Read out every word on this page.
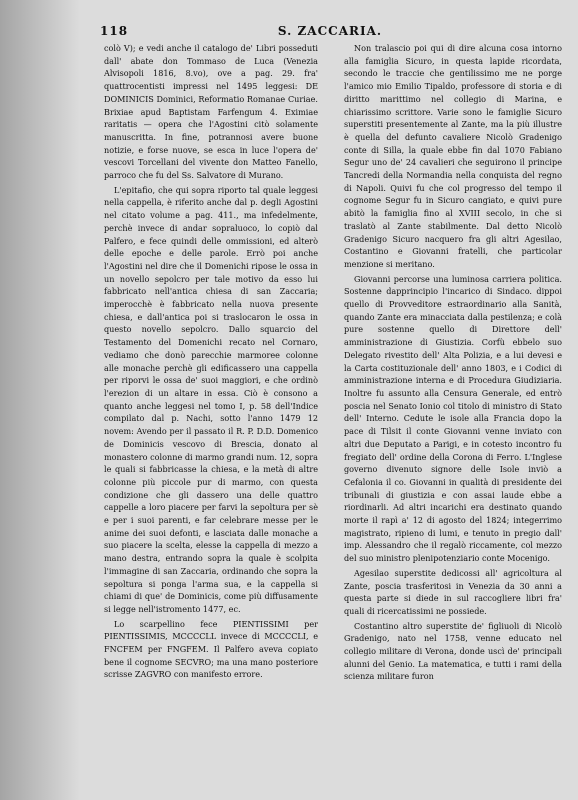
118	S. ZACCARIA.

colò V); e vedi anche il catalogo de' Libri posseduti dall' abate don Tommaso de Luca (Venezia Alvisopoli 1816, 8.vo), ove a pag. 29. fra' quattrocentisti impressi nel 1495 leggesi: DE DOMINICIS Dominici, Reformatio Romanae Curiae. Brixiae apud Baptistam Farfengum 4. Eximiae raritatis — opera che l'Agostini citò solamente manuscritta. In fine, potrannosi avere buone notizie, e forse nuove, se esca in luce l'opera de' vescovi Torcellani del vivente don Matteo Fanello, parroco che fu del Ss. Salvatore di Murano.

L'epitafio, che qui sopra riporto tal quale leggesi nella cappella, è riferito anche dal p. degli Agostini nel citato volume a pag. 411., ma infedelmente, perchè invece di andar sopraluoco, lo copiò dal Palfero, e fece quindi delle ommissioni, ed alterò delle epoche e delle parole. Errò poi anche l'Agostini nel dire che il Domenichi ripose le ossa in un novello sepolcro per tale motivo da esso lui fabbricato nell'antica chiesa di san Zaccaria; imperocchè è fabbricato nella nuova presente chiesa, e dall'antica poi si traslocaron le ossa in questo novello sepolcro. Dallo squarcio del Testamento del Domenichi recato nel Cornaro, vediamo che donò parecchie marmoree colonne alle monache perchè gli edificassero una cappella per riporvi le ossa de' suoi maggiori, e che ordinò l'erezion di un altare in essa. Ciò è consono a quanto anche leggesi nel tomo I, p. 58 dell'Indice compilato dal p. Nachi, sotto l'anno 1479 12 novem: Avendo per il passato il R. P. D.D. Domenico de Dominicis vescovo di Brescia, donato al monastero colonne di marmo grandi num. 12, sopra le quali si fabbricasse la chiesa, e la metà di altre colonne più piccole pur di marmo, con questa condizione che gli dassero una delle quattro cappelle a loro piacere per farvi la sepoltura per sè e per i suoi parenti, e far celebrare messe per le anime dei suoi defonti, e lasciata dalle monache a suo piacere la scelta, elesse la cappella di mezzo a mano destra, entrando sopra la quale è scolpita l'immagine di san Zaccaria, ordinando che sopra la sepoltura si ponga l'arma sua, e la cappella si chiami di que' de Dominicis, come più diffusamente si legge nell'istromento 1477, ec.

Lo scarpellino fece PIENTISSIMI per PIENTISSIMIS, MCCCCLL invece di MCCCCLI, e FNCFEM per FNGFEM. Il Palfero aveva copiato bene il cognome SECVRO; ma una mano posteriore scrisse ZAGVRO con manifesto errore.

Non tralascio poi qui di dire alcuna cosa intorno alla famiglia Sicuro, in questa lapide ricordata, secondo le traccie che gentilissimo me ne porge l'amico mio Emilio Tipaldo, professore di storia e di diritto marittimo nel collegio di Marina, e chiarissimo scrittore. Varie sono le famiglie Sicuro superstiti presentemente al Zante, ma la più illustre è quella del defunto cavaliere Nicolò Gradenigo conte di Silla, la quale ebbe fin dal 1070 Fabiano Segur uno de' 24 cavalieri che seguirono il principe Tancredi della Normandia nella conquista del regno di Napoli. Quivi fu che col progresso del tempo il cognome Segur fu in Sicuro cangiato, e quivi pure abitò la famiglia fino al XVIII secolo, in che si traslatò al Zante stabilmente. Dal detto Nicolò Gradenigo Sicuro nacquero fra gli altri Agesilao, Costantino e Giovanni fratelli, che particolar menzione si meritano.

Giovanni percorse una luminosa carriera politica. Sostenne dapprincipio l'incarico di Sindaco. dippoi quello di Provveditore estraordinario alla Sanità, quando Zante era minacciata dalla pestilenza; e colà pure sostenne quello di Direttore dell' amministrazione di Giustizia. Corfù ebbelo suo Delegato rivestito dell' Alta Polizia, e a lui devesi e la Carta costituzionale dell' anno 1803, e i Codici di amministrazione interna e di Procedura Giudiziaria. Inoltre fu assunto alla Censura Generale, ed entrò poscia nel Senato Ionio col titolo di ministro di Stato dell' Interno. Cedute le isole alla Francia dopo la pace di Tilsit il conte Giovanni venne inviato con altri due Deputato a Parigi, e in cotesto incontro fu fregiato dell' ordine della Corona di Ferro. L'Inglese governo divenuto signore delle Isole inviò a Cefalonia il co. Giovanni in qualità di presidente dei tribunali di giustizia e con assai laude ebbe a riordinarli. Ad altri incarichi era destinato quando morte il rapì a' 12 di agosto del 1824; integerrimo magistrato, ripieno di lumi, e tenuto in pregio dall' imp. Alessandro che il regalò riccamente, col mezzo del suo ministro plenipotenziario conte Mocenigo.

Agesilao superstite dedicossi all' agricoltura al Zante, poscia trasferitosi in Venezia da 30 anni a questa parte si diede in sul raccogliere libri fra' quali di ricercatissimi ne possiede.

Costantino altro superstite de' figliuoli di Nicolò Gradenigo, nato nel 1758, venne educato nel collegio militare di Verona, donde uscì de' principali alunni del Genio. La matematica, e tutti i rami della scienza militare furon
